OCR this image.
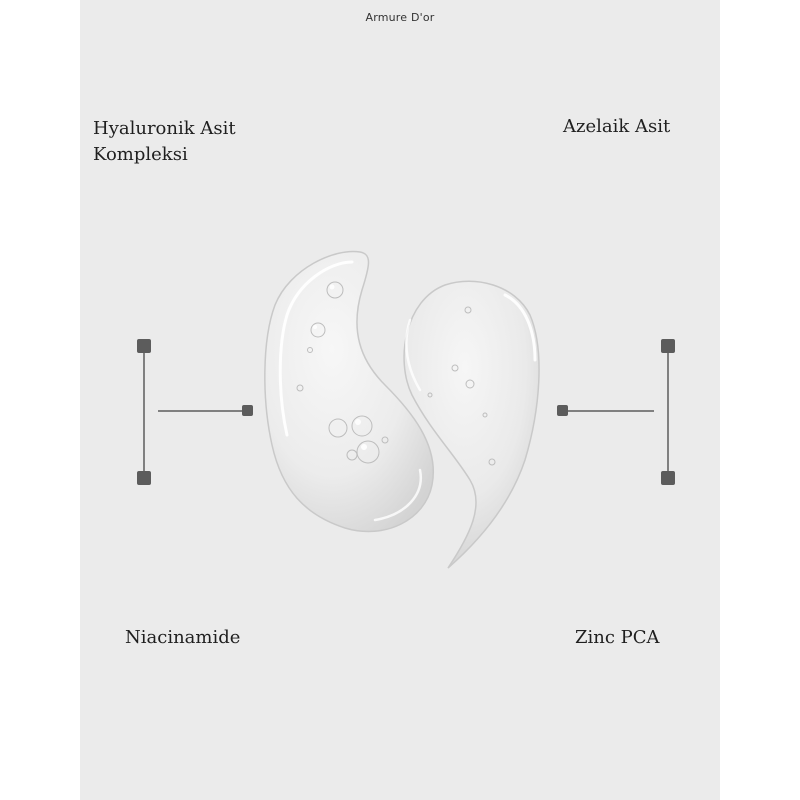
Armure D'or
Hyaluronik Asit
Kompleksi
Azelaik Asit
Niacinamide	Zinc PCA
